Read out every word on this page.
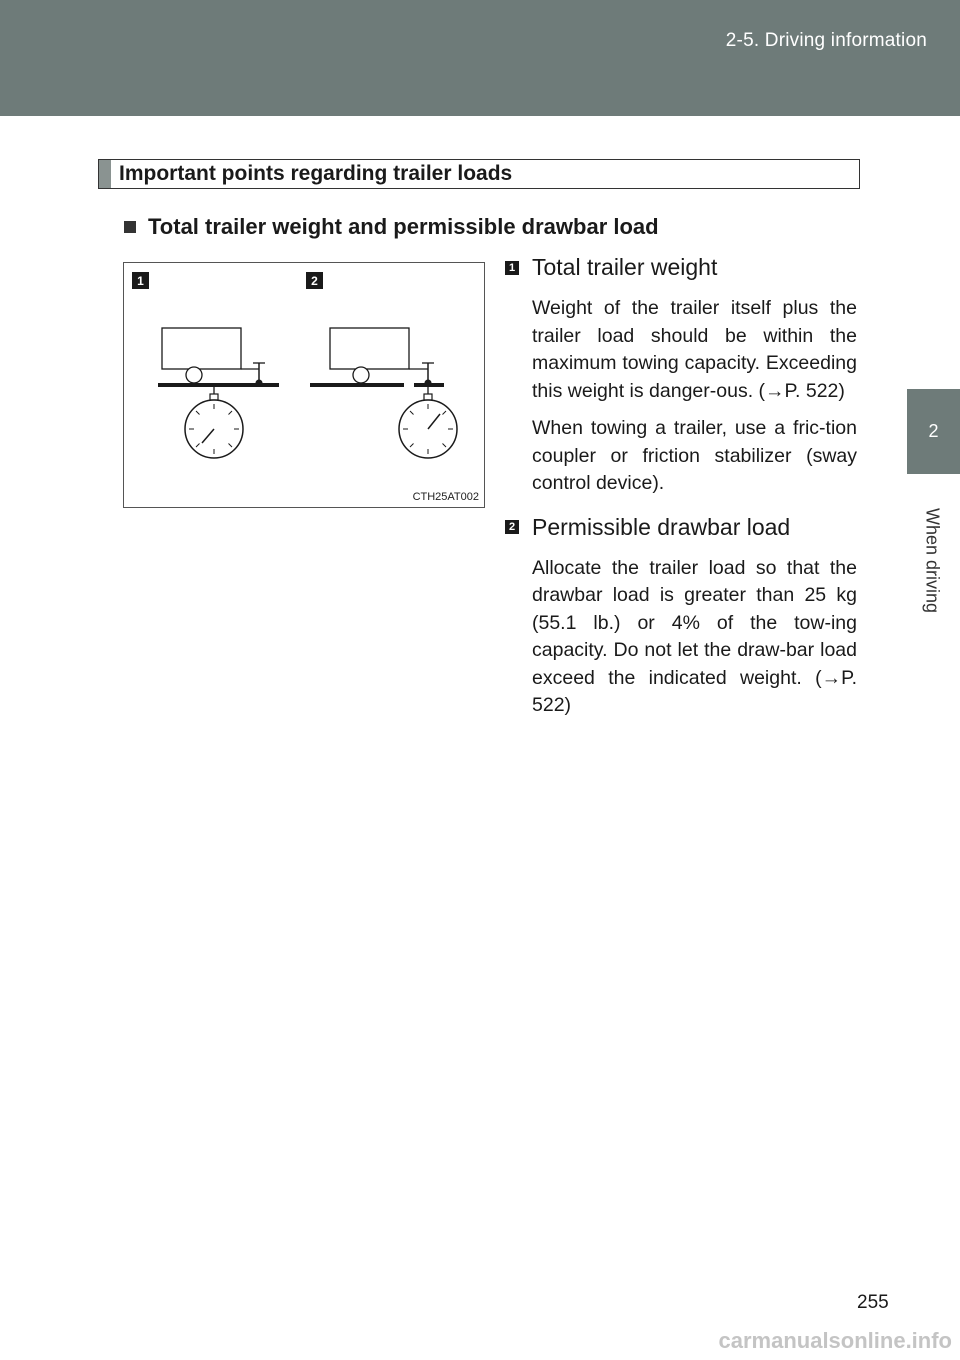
2-5. Driving information
2
When driving
Important points regarding trailer loads
Total trailer weight and permissible drawbar load
1	2
CTH25AT002
1 Total trailer weight

Weight of the trailer itself plus the trailer load should be within the maximum towing capacity. Exceeding this weight is danger-ous. (→P. 522)

When towing a trailer, use a fric-tion coupler or friction stabilizer (sway control device).

2 Permissible drawbar load

Allocate the trailer load so that the drawbar load is greater than 25 kg (55.1 lb.) or 4% of the tow-ing capacity. Do not let the draw-bar load exceed the indicated weight. (→P. 522)

255
carmanualsonline.info
